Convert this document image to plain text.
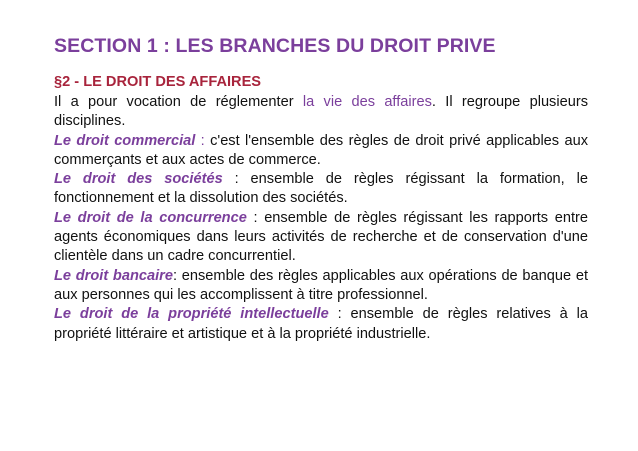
SECTION 1 : LES BRANCHES DU DROIT PRIVE
§2 - LE DROIT DES AFFAIRES

Il a pour vocation de réglementer la vie des affaires. Il regroupe plusieurs disciplines.

Le droit commercial : c'est l'ensemble des règles de droit privé applicables aux commerçants et aux actes de commerce.

Le droit des sociétés : ensemble de règles régissant la formation, le fonctionnement et la dissolution des sociétés.

Le droit de la concurrence : ensemble de règles régissant les rapports entre agents économiques dans leurs activités de recherche et de conservation d'une clientèle dans un cadre concurrentiel.

Le droit bancaire: ensemble des règles applicables aux opérations de banque et aux personnes qui les accomplissent à titre professionnel.

Le droit de la propriété intellectuelle : ensemble de règles relatives à la propriété littéraire et artistique et à la propriété industrielle.
